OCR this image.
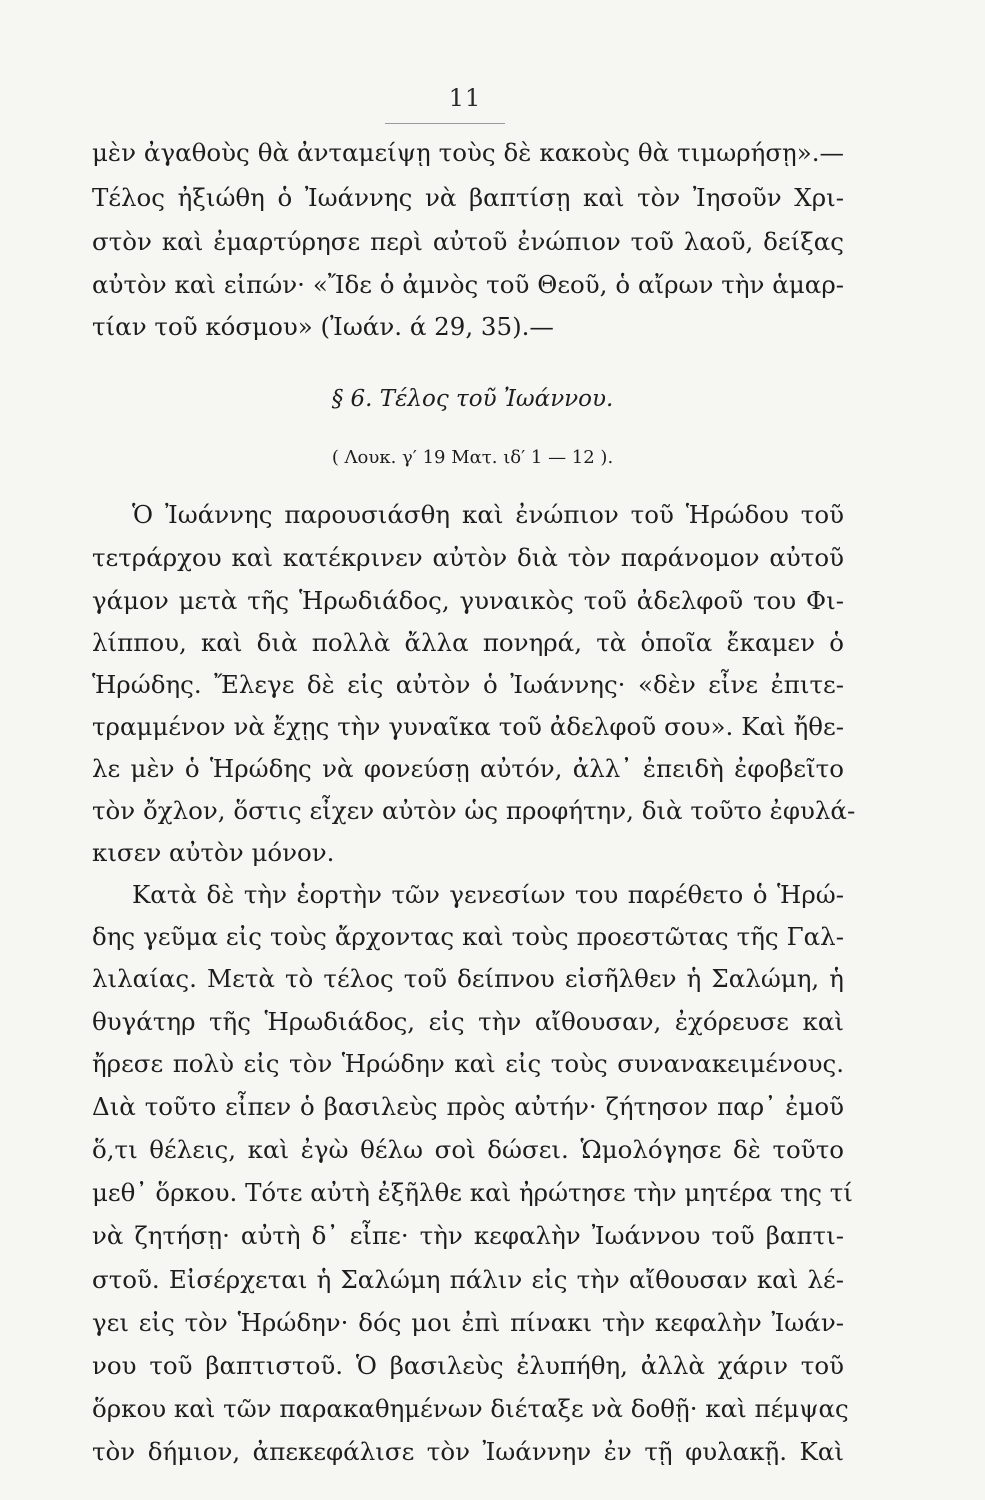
11
μὲν ἀγαθοὺς θὰ ἀνταμείψῃ τοὺς δὲ κακοὺς θὰ τιμωρήσῃ».—
Τέλος ἠξιώθη ὁ Ἰωάννης νὰ βαπτίσῃ καὶ τὸν Ἰησοῦν Χρι-
στὸν καὶ ἐμαρτύρησε περὶ αὐτοῦ ἐνώπιον τοῦ λαοῦ, δείξας
αὐτὸν καὶ εἰπών· «Ἴδε ὁ ἀμνὸς τοῦ Θεοῦ, ὁ αἴρων τὴν ἁμαρ-
τίαν τοῦ κόσμου» (Ἰωάν. ά 29, 35).—
§ 6. Τέλος τοῦ Ἰωάννου.
( Λουκ. γ′ 19 Ματ. ιδ′ 1 — 12 ).
Ὁ Ἰωάννης παρουσιάσθη καὶ ἐνώπιον τοῦ Ἡρώδου τοῦ
τετράρχου καὶ κατέκρινεν αὐτὸν διὰ τὸν παράνομον αὐτοῦ
γάμον μετὰ τῆς Ἡρωδιάδος, γυναικὸς τοῦ ἀδελφοῦ του Φι-
λίππου, καὶ διὰ πολλὰ ἄλλα πονηρά, τὰ ὁποῖα ἔκαμεν ὁ
Ἡρώδης. Ἔλεγε δὲ εἰς αὐτὸν ὁ Ἰωάννης· «δὲν εἶνε ἐπιτε-
τραμμένον νὰ ἔχῃς τὴν γυναῖκα τοῦ ἀδελφοῦ σου». Καὶ ἤθε-
λε μὲν ὁ Ἡρώδης νὰ φονεύσῃ αὐτόν, ἀλλ᾽ ἐπειδὴ ἐφοβεῖτο
τὸν ὄχλον, ὅστις εἶχεν αὐτὸν ὡς προφήτην, διὰ τοῦτο ἐφυλά-
κισεν αὐτὸν μόνον.
Κατὰ δὲ τὴν ἑορτὴν τῶν γενεσίων του παρέθετο ὁ Ἡρώ-
δης γεῦμα εἰς τοὺς ἄρχοντας καὶ τοὺς προεστῶτας τῆς Γαλ-
λιλαίας. Μετὰ τὸ τέλος τοῦ δείπνου εἰσῆλθεν ἡ Σαλώμη, ἡ
θυγάτηρ τῆς Ἡρωδιάδος, εἰς τὴν αἴθουσαν, ἐχόρευσε καὶ
ἤρεσε πολὺ εἰς τὸν Ἡρώδην καὶ εἰς τοὺς συνανακειμένους.
Διὰ τοῦτο εἶπεν ὁ βασιλεὺς πρὸς αὐτήν· ζήτησον παρ᾽ ἐμοῦ
ὅ,τι θέλεις, καὶ ἐγὼ θέλω σοὶ δώσει. Ὡμολόγησε δὲ τοῦτο
μεθ᾽ ὅρκου. Τότε αὐτὴ ἐξῆλθε καὶ ἠρώτησε τὴν μητέρα της τί
νὰ ζητήσῃ· αὐτὴ δ᾽ εἶπε· τὴν κεφαλὴν Ἰωάννου τοῦ βαπτι-
στοῦ. Εἰσέρχεται ἡ Σαλώμη πάλιν εἰς τὴν αἴθουσαν καὶ λέ-
γει εἰς τὸν Ἡρώδην· δός μοι ἐπὶ πίνακι τὴν κεφαλὴν Ἰωάν-
νου τοῦ βαπτιστοῦ. Ὁ βασιλεὺς ἐλυπήθη, ἀλλὰ χάριν τοῦ
ὅρκου καὶ τῶν παρακαθημένων διέταξε νὰ δοθῇ· καὶ πέμψας
τὸν δήμιον, ἀπεκεφάλισε τὸν Ἰωάννην ἐν τῇ φυλακῇ. Καὶ
